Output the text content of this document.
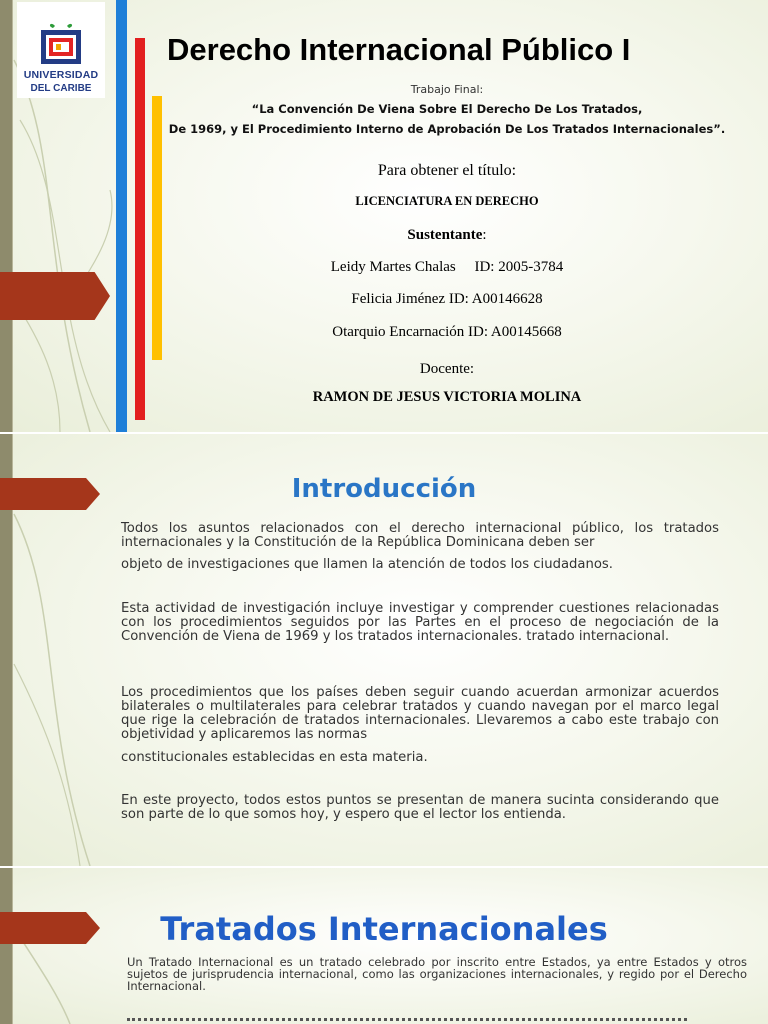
UNIVERSIDAD
DEL CARIBE
Derecho Internacional Público I
Trabajo Final:
“La Convención De Viena Sobre El Derecho De Los Tratados,
De 1969, y El Procedimiento Interno de Aprobación De Los Tratados Internacionales”.
Para obtener el título:
LICENCIATURA EN DERECHO
Sustentante:
Leidy Martes Chalas     ID: 2005-3784
Felicia Jiménez ID: A00146628
Otarquio Encarnación ID: A00145668
Docente:
RAMON DE JESUS VICTORIA MOLINA
Introducción
Todos los asuntos relacionados con el derecho internacional público, los tratados internacionales y la Constitución de la República Dominicana deben ser
objeto de investigaciones que llamen la atención de todos los ciudadanos.
Esta actividad de investigación incluye investigar y comprender cuestiones relacionadas con los procedimientos seguidos por las Partes en el proceso de negociación de la Convención de Viena de 1969 y los tratados internacionales. tratado internacional.
Los procedimientos que los países deben seguir cuando acuerdan armonizar acuerdos bilaterales o multilaterales para celebrar tratados y cuando navegan por el marco legal que rige la celebración de tratados internacionales. Llevaremos a cabo este trabajo con objetividad y aplicaremos las normas
constitucionales establecidas en esta materia.
En este proyecto, todos estos puntos se presentan de manera sucinta considerando que son parte de lo que somos hoy, y espero que el lector los entienda.
Tratados Internacionales
Un Tratado Internacional es un tratado celebrado por inscrito entre Estados, ya entre Estados y otros sujetos de jurisprudencia internacional, como las organizaciones internacionales, y regido por el Derecho Internacional.
